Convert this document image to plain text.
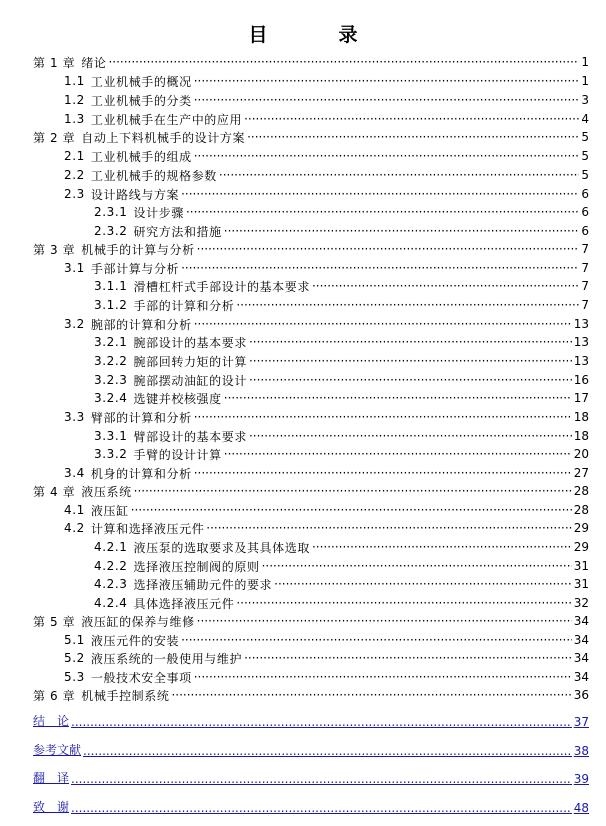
目　录
第 1 章 绪论 ·····	1
1.1 工业机械手的概况 ·····	1
1.2 工业机械手的分类 ·····	3
1.3 工业机械手在生产中的应用 ·····	4
第 2 章 自动上下料机械手的设计方案 ·····	5
2.1 工业机械手的组成 ·····	5
2.2 工业机械手的规格参数 ·····	5
2.3 设计路线与方案 ·····	6
2.3.1 设计步骤 ·····	6
2.3.2 研究方法和措施 ·····	6
第 3 章 机械手的计算与分析 ·····	7
3.1 手部计算与分析 ·····	7
3.1.1 滑槽杠杆式手部设计的基本要求 ·····	7
3.1.2 手部的计算和分析 ·····	7
3.2 腕部的计算和分析 ·····	13
3.2.1 腕部设计的基本要求 ·····	13
3.2.2 腕部回转力矩的计算 ·····	13
3.2.3 腕部摆动油缸的设计 ·····	16
3.2.4 选键并校核强度 ·····	17
3.3 臂部的计算和分析 ·····	18
3.3.1 臂部设计的基本要求 ·····	18
3.3.2 手臂的设计计算 ·····	20
3.4 机身的计算和分析 ·····	27
第 4 章 液压系统 ·····	28
4.1 液压缸 ·····	28
4.2 计算和选择液压元件 ·····	29
4.2.1 液压泵的选取要求及其具体选取 ·····	29
4.2.2 选择液压控制阀的原则 ·····	31
4.2.3 选择液压辅助元件的要求 ·····	31
4.2.4 具体选择液压元件 ·····	32
第 5 章 液压缸的保养与维修 ·····	34
5.1 液压元件的安装 ·····	34
5.2 液压系统的一般使用与维护 ·····	34
5.3 一般技术安全事项 ·····	34
第 6 章 机械手控制系统 ·····	36
结　论 .....	37
参考文献 .....	38
翻　译 .....	39
致　谢 .....	48
